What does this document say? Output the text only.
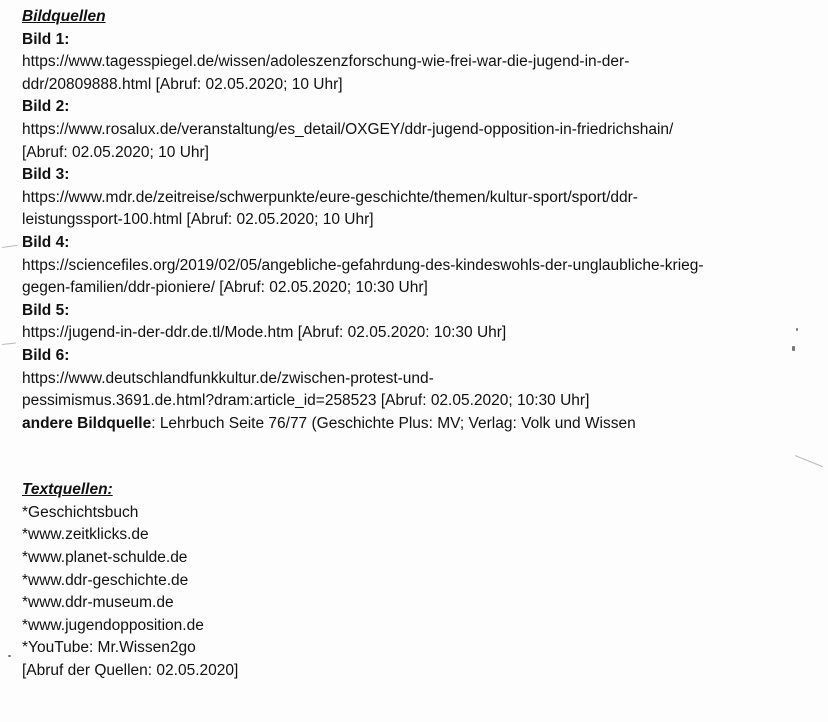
Bildquellen
Bild 1:
https://www.tagesspiegel.de/wissen/adoleszenzforschung-wie-frei-war-die-jugend-in-der-
ddr/20809888.html [Abruf: 02.05.2020; 10 Uhr]
Bild 2:
https://www.rosalux.de/veranstaltung/es_detail/OXGEY/ddr-jugend-opposition-in-friedrichshain/
[Abruf: 02.05.2020; 10 Uhr]
Bild 3:
https://www.mdr.de/zeitreise/schwerpunkte/eure-geschichte/themen/kultur-sport/sport/ddr-
leistungssport-100.html [Abruf: 02.05.2020; 10 Uhr]
Bild 4:
https://sciencefiles.org/2019/02/05/angebliche-gefahrdung-des-kindeswohls-der-unglaubliche-krieg-
gegen-familien/ddr-pioniere/ [Abruf: 02.05.2020; 10:30 Uhr]
Bild 5:
https://jugend-in-der-ddr.de.tl/Mode.htm [Abruf: 02.05.2020: 10:30 Uhr]
Bild 6:
https://www.deutschlandfunkkultur.de/zwischen-protest-und-
pessimismus.3691.de.html?dram:article_id=258523 [Abruf: 02.05.2020; 10:30 Uhr]
andere Bildquelle: Lehrbuch Seite 76/77 (Geschichte Plus: MV; Verlag: Volk und Wissen
Textquellen:
*Geschichtsbuch
*www.zeitklicks.de
*www.planet-schulde.de
*www.ddr-geschichte.de
*www.ddr-museum.de
*www.jugendopposition.de
*YouTube: Mr.Wissen2go
[Abruf der Quellen: 02.05.2020]
